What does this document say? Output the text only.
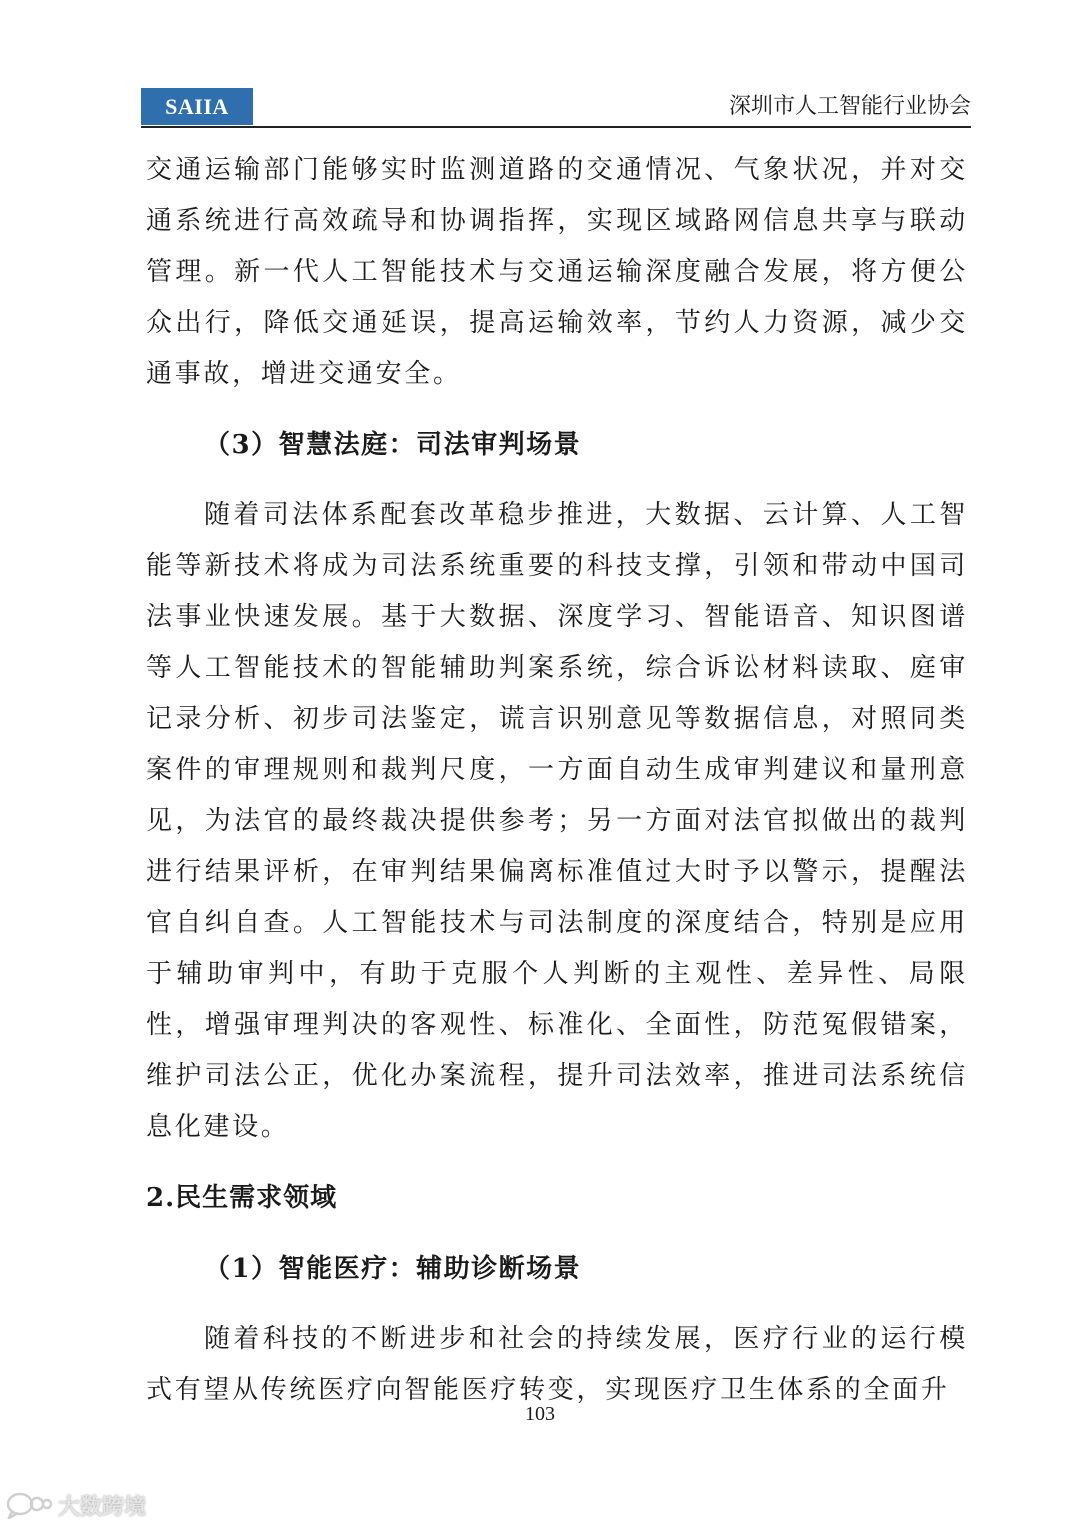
SAIIA	深圳市人工智能行业协会

交通运输部门能够实时监测道路的交通情况、气象状况，并对交通系统进行高效疏导和协调指挥，实现区域路网信息共享与联动管理。新一代人工智能技术与交通运输深度融合发展，将方便公众出行，降低交通延误，提高运输效率，节约人力资源，减少交通事故，增进交通安全。

（3）智慧法庭：司法审判场景

随着司法体系配套改革稳步推进，大数据、云计算、人工智能等新技术将成为司法系统重要的科技支撑，引领和带动中国司法事业快速发展。基于大数据、深度学习、智能语音、知识图谱等人工智能技术的智能辅助判案系统，综合诉讼材料读取、庭审记录分析、初步司法鉴定，谎言识别意见等数据信息，对照同类案件的审理规则和裁判尺度，一方面自动生成审判建议和量刑意见，为法官的最终裁决提供参考；另一方面对法官拟做出的裁判进行结果评析，在审判结果偏离标准值过大时予以警示，提醒法官自纠自查。人工智能技术与司法制度的深度结合，特别是应用于辅助审判中，有助于克服个人判断的主观性、差异性、局限性，增强审理判决的客观性、标准化、全面性，防范冤假错案，维护司法公正，优化办案流程，提升司法效率，推进司法系统信息化建设。

2.民生需求领域
（1）智能医疗：辅助诊断场景

随着科技的不断进步和社会的持续发展，医疗行业的运行模式有望从传统医疗向智能医疗转变，实现医疗卫生体系的全面升

103
大数跨境
